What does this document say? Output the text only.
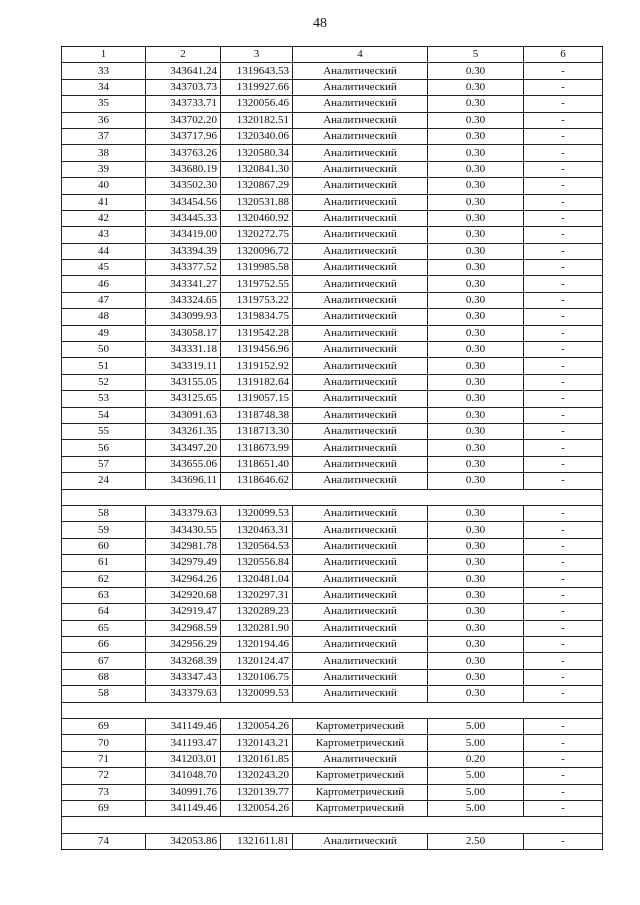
48
1	2	3	4	5	6
33	343641.24	1319643.53	Аналитический	0.30	-
34	343703.73	1319927.66	Аналитический	0.30	-
35	343733.71	1320056.46	Аналитический	0.30	-
36	343702.20	1320182.51	Аналитический	0.30	-
37	343717.96	1320340.06	Аналитический	0.30	-
38	343763.26	1320580.34	Аналитический	0.30	-
39	343680.19	1320841.30	Аналитический	0.30	-
40	343502.30	1320867.29	Аналитический	0.30	-
41	343454.56	1320531.88	Аналитический	0.30	-
42	343445.33	1320460.92	Аналитический	0.30	-
43	343419.00	1320272.75	Аналитический	0.30	-
44	343394.39	1320096.72	Аналитический	0.30	-
45	343377.52	1319985.58	Аналитический	0.30	-
46	343341.27	1319752.55	Аналитический	0.30	-
47	343324.65	1319753.22	Аналитический	0.30	-
48	343099.93	1319834.75	Аналитический	0.30	-
49	343058.17	1319542.28	Аналитический	0.30	-
50	343331.18	1319456.96	Аналитический	0.30	-
51	343319.11	1319152.92	Аналитический	0.30	-
52	343155.05	1319182.64	Аналитический	0.30	-
53	343125.65	1319057.15	Аналитический	0.30	-
54	343091.63	1318748.38	Аналитический	0.30	-
55	343261.35	1318713.30	Аналитический	0.30	-
56	343497.20	1318673.99	Аналитический	0.30	-
57	343655.06	1318651.40	Аналитический	0.30	-
24	343696.11	1318646.62	Аналитический	0.30	-

58	343379.63	1320099.53	Аналитический	0.30	-
59	343430.55	1320463.31	Аналитический	0.30	-
60	342981.78	1320564.53	Аналитический	0.30	-
61	342979.49	1320556.84	Аналитический	0.30	-
62	342964.26	1320481.04	Аналитический	0.30	-
63	342920.68	1320297.31	Аналитический	0.30	-
64	342919.47	1320289.23	Аналитический	0.30	-
65	342968.59	1320281.90	Аналитический	0.30	-
66	342956.29	1320194.46	Аналитический	0.30	-
67	343268.39	1320124.47	Аналитический	0.30	-
68	343347.43	1320106.75	Аналитический	0.30	-
58	343379.63	1320099.53	Аналитический	0.30	-

69	341149.46	1320054.26	Картометрический	5.00	-
70	341193.47	1320143.21	Картометрический	5.00	-
71	341203.01	1320161.85	Аналитический	0.20	-
72	341048.70	1320243.20	Картометрический	5.00	-
73	340991.76	1320139.77	Картометрический	5.00	-
69	341149.46	1320054.26	Картометрический	5.00	-

74	342053.86	1321611.81	Аналитический	2.50	-
